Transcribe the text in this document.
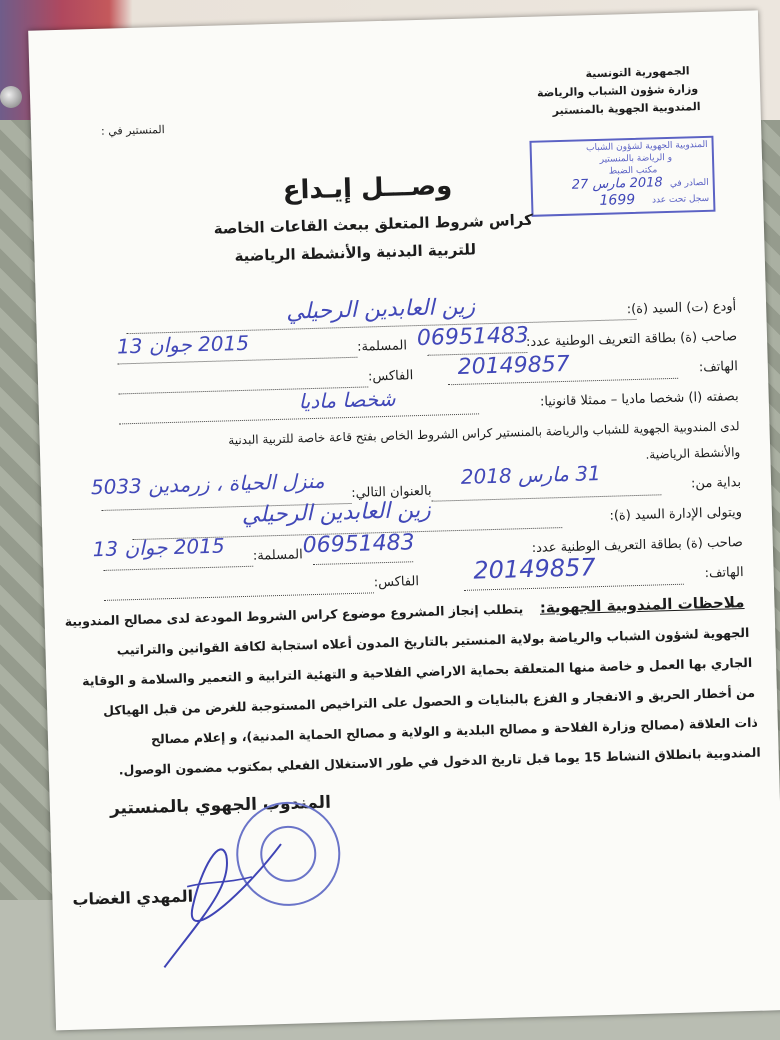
الجمهورية التونسية
وزارة شؤون الشباب والرياضة
المندوبية الجهوية بالمنستير
المنستير في :
المندوبية الجهوية لشؤون الشباب
و الرياضة بالمنستير
مكتب الضبط
الصادر في
2018 مارس 27
سجل تحت عدد
1699
وصـــل إيـداع
كراس شروط المتعلق ببعث القاعات الخاصة
للتربية البدنية والأنشطة الرياضية
أودع (ت) السيد (ة):
زين العابدين الرحيلي
صاحب (ة) بطاقة التعريف الوطنية عدد:
06951483
المسلمة:
2015 جوان 13
الهاتف:
20149857
الفاكس:
بصفته (ا) شخصا ماديا – ممثلا قانونيا:
شخصا ماديا
لدى المندوبية الجهوية للشباب والرياضة بالمنستير كراس الشروط الخاص بفتح قاعة خاصة للتربية البدنية
والأنشطة الرياضية.
بداية من:
31 مارس 2018
بالعنوان التالي:
منزل الحياة ، زرمدين 5033
ويتولى الإدارة السيد (ة):
زين العابدين الرحيلي
صاحب (ة) بطاقة التعريف الوطنية عدد:
06951483
المسلمة:
2015 جوان 13
الهاتف:
20149857
الفاكس:
ملاحظات المندوبية الجهوية:
يتطلب إنجاز المشروع موضوع كراس الشروط المودعة لدى مصالح المندوبية
الجهوية لشؤون الشباب والرياضة بولاية المنستير بالتاريخ المدون أعلاه استجابة لكافة القوانين والتراتيب
الجاري بها العمل و خاصة منها المتعلقة بحماية الاراضي الفلاحية و التهئية الترابية و التعمير والسلامة و الوقاية
من أخطار الحريق و الانفجار و الفزع بالبنايات و الحصول على التراخيص المستوجبة للغرض من قبل الهياكل
ذات العلاقة (مصالح وزارة الفلاحة و مصالح البلدية و الولاية و مصالح الحماية المدنية)، و إعلام مصالح
المندوبية بانطلاق النشاط 15 يوما قبل تاريخ الدخول في طور الاستغلال الفعلي بمكتوب مضمون الوصول.
المندوب الجهوي بالمنستير
المهدي الغضاب
